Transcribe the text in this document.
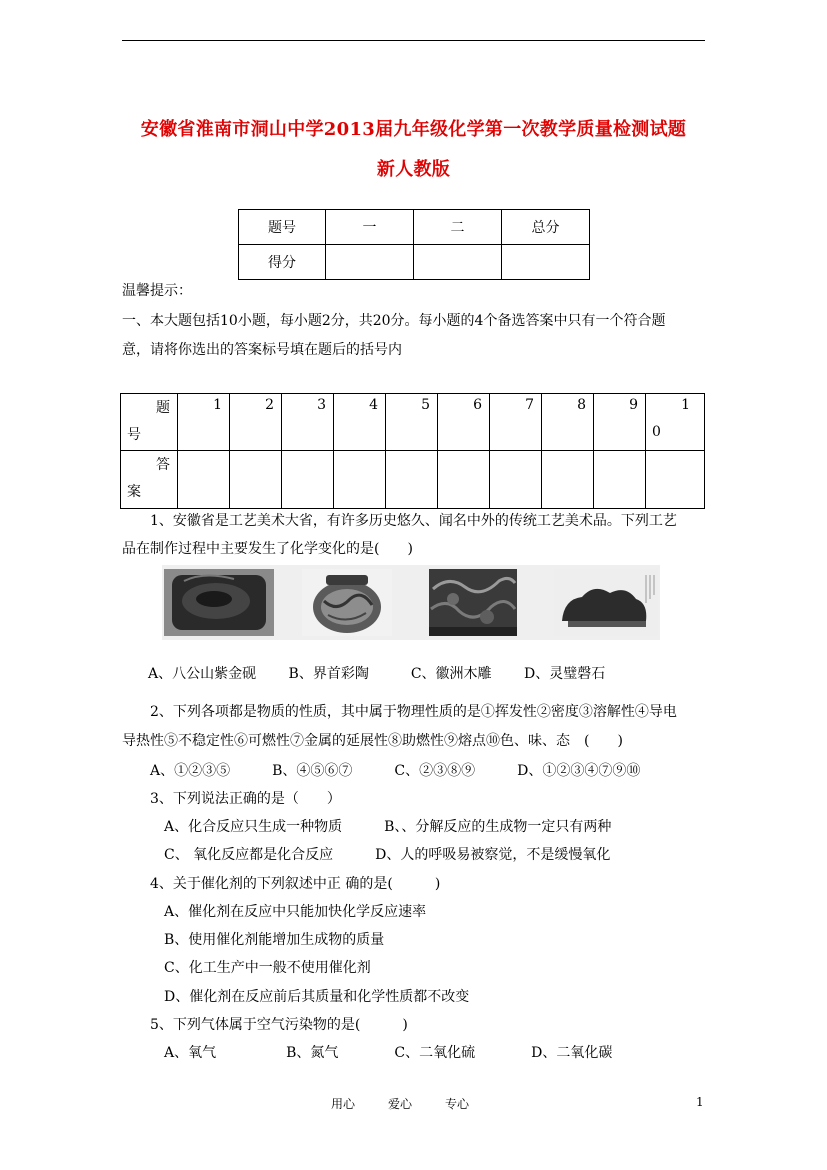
安徽省淮南市洞山中学2013届九年级化学第一次教学质量检测试题
新人教版
题号	一	二	总分
得分			
温馨提示：
一、本大题包括10小题，每小题2分，共20分。每小题的4个备选答案中只有一个符合题
意，请将你选出的答案标号填在题后的括号内
题
号	1	2	3	4	5	6	7	8	9	1
0

答
案										

1、安徽省是工艺美术大省，有许多历史悠久、闻名中外的传统工艺美术品。下列工艺
品在制作过程中主要发生了化学变化的是(　　)
A、八公山紫金砚　　 B、界首彩陶　　　C、徽洲木雕　　 D、灵璧磬石
2、下列各项都是物质的性质，其中属于物理性质的是①挥发性②密度③溶解性④导电
导热性⑤不稳定性⑥可燃性⑦金属的延展性⑧助燃性⑨熔点⑩色、味、态　(　　)
A、①②③⑤　　　B、④⑤⑥⑦　　　C、②③⑧⑨　　　D、①②③④⑦⑨⑩
3、下列说法正确的是（　　）
A、化合反应只生成一种物质　　　B、、分解反应的生成物一定只有两种
C、 氧化反应都是化合反应　　　D、人的呼吸易被察觉，不是缓慢氧化
4、关于催化剂的下列叙述中正 确的是(　　　)
A、催化剂在反应中只能加快化学反应速率
B、使用催化剂能增加生成物的质量
C、化工生产中一般不使用催化剂
D、催化剂在反应前后其质量和化学性质都不改变
5、下列气体属于空气污染物的是(　　　)
A、氧气　　　　　B、氮气　　　　C、二氧化硫　　　　D、二氧化碳
用心	爱心	专心	1
